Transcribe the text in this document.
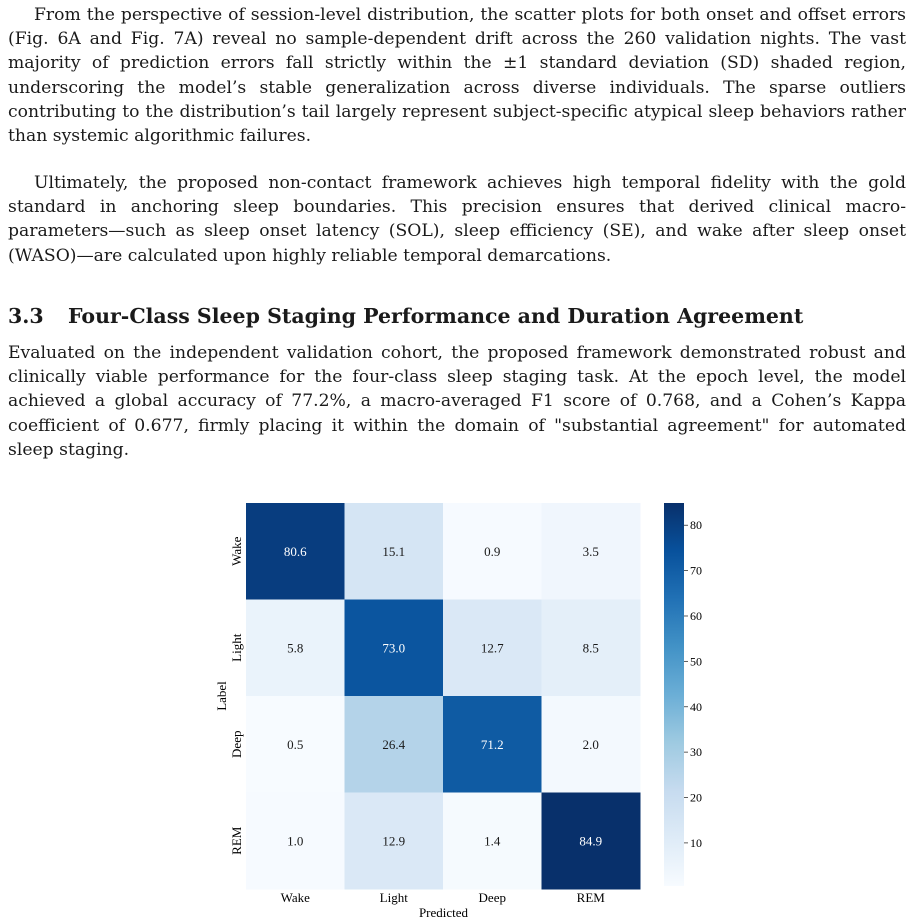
From the perspective of session-level distribution, the scatter plots for both onset and offset errors (Fig. 6A and Fig. 7A) reveal no sample-dependent drift across the 260 validation nights. The vast majority of prediction errors fall strictly within the ±1 standard deviation (SD) shaded region, underscoring the model’s stable generalization across diverse individuals. The sparse outliers contributing to the distribution’s tail largely represent subject-specific atypical sleep behaviors rather than systemic algorithmic failures.

Ultimately, the proposed non-contact framework achieves high temporal fidelity with the gold standard in anchoring sleep boundaries. This precision ensures that derived clinical macro-parameters—such as sleep onset latency (SOL), sleep efficiency (SE), and wake after sleep onset (WASO)—are calculated upon highly reliable temporal demarcations.

3.3 Four-Class Sleep Staging Performance and Duration Agreement

Evaluated on the independent validation cohort, the proposed framework demonstrated robust and clinically viable performance for the four-class sleep staging task. At the epoch level, the model achieved a global accuracy of 77.2%, a macro-averaged F1 score of 0.768, and a Cohen’s Kappa coefficient of 0.677, firmly placing it within the domain of "substantial agreement" for automated sleep staging.

80.6	15.1	0.9	3.5
5.8	73.0	12.7	8.5
0.5	26.4	71.2	2.0
1.0	12.9	1.4	84.9
Wake	Light	Deep	REM
Wake
Light
Deep
REM
Predicted
Label
10
20
30
40
50
60
70
80
